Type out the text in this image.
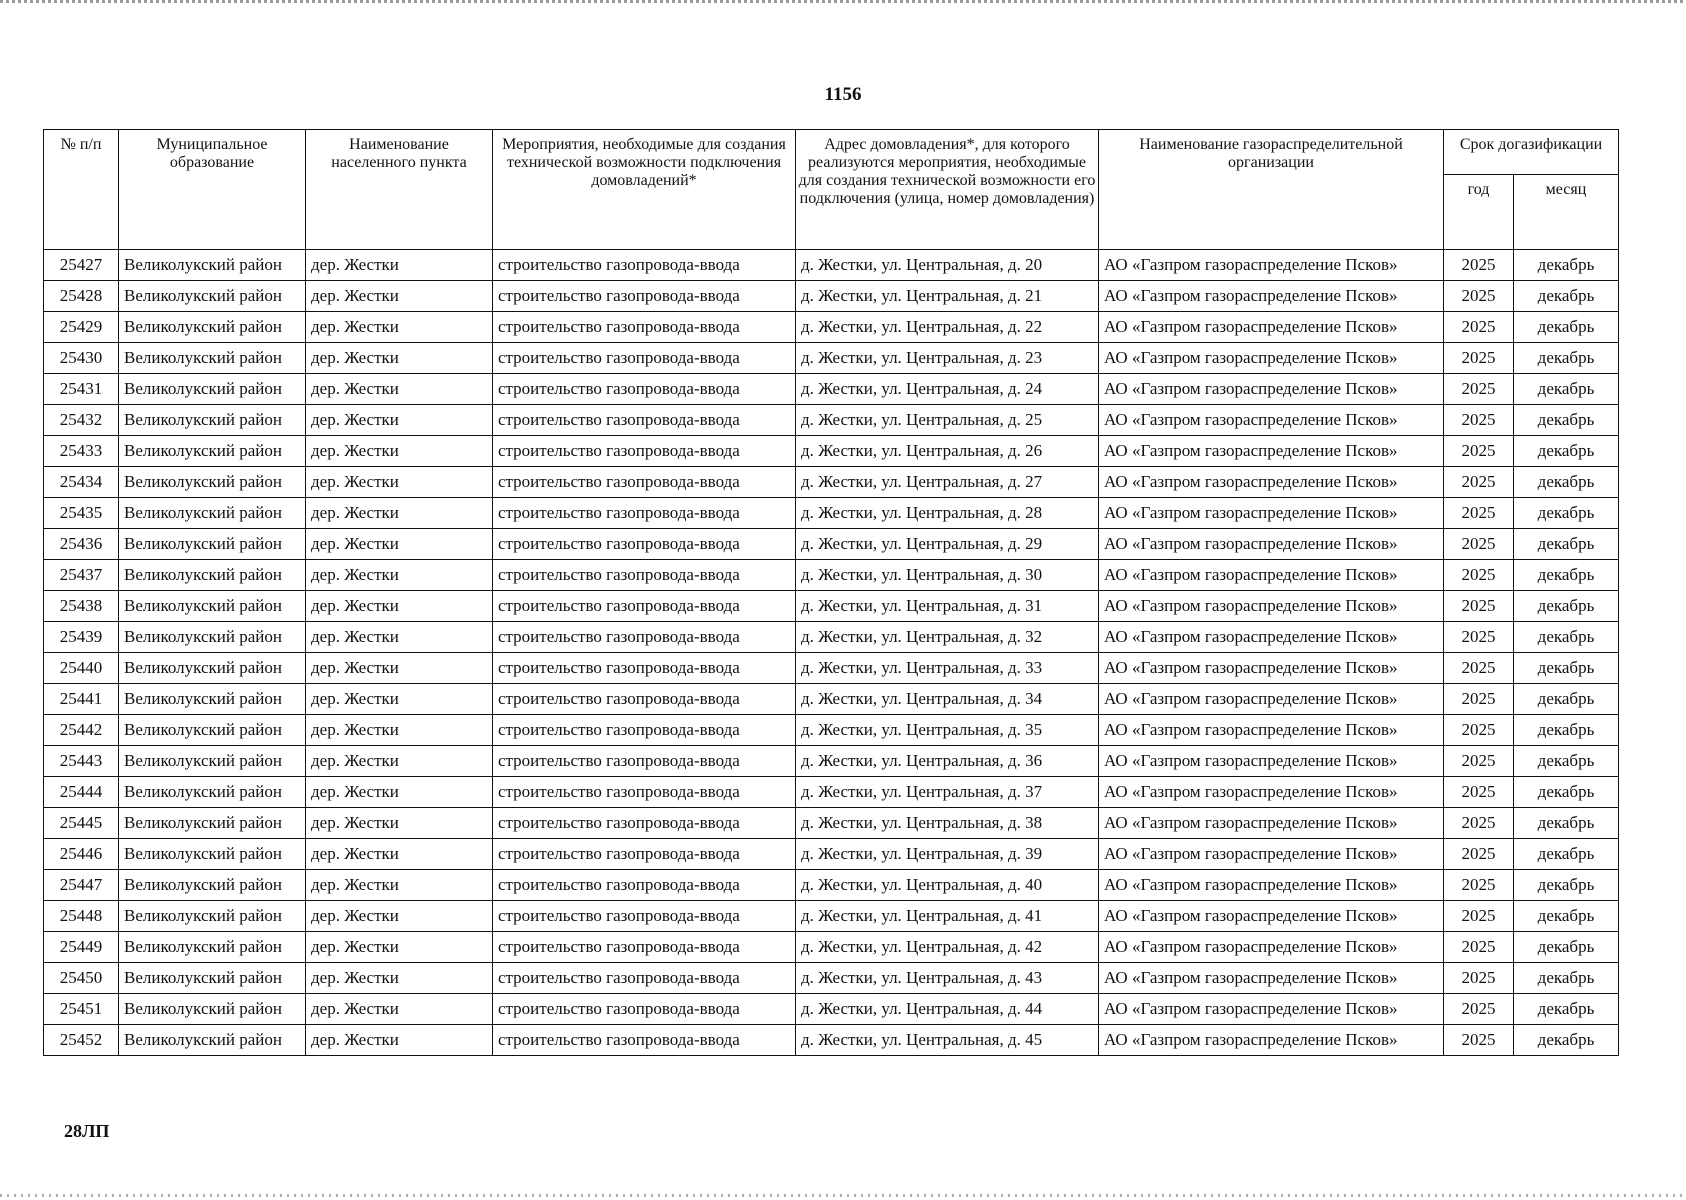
1156
№ п/п	Муниципальное образование	Наименование населенного пункта	Мероприятия, необходимые для создания технической возможности подключения домовладений*	Адрес домовладения*, для которого реализуются мероприятия, необходимые для создания технической возможности его подключения (улица, номер домовладения)	Наименование газораспределительной организации	Срок догазификации	
						год	месяц
25427	Великолукский район	дер. Жестки	строительство газопровода-ввода	д. Жестки, ул. Центральная, д. 20	АО «Газпром газораспределение Псков»	2025	декабрь
25428	Великолукский район	дер. Жестки	строительство газопровода-ввода	д. Жестки, ул. Центральная, д. 21	АО «Газпром газораспределение Псков»	2025	декабрь
25429	Великолукский район	дер. Жестки	строительство газопровода-ввода	д. Жестки, ул. Центральная, д. 22	АО «Газпром газораспределение Псков»	2025	декабрь
25430	Великолукский район	дер. Жестки	строительство газопровода-ввода	д. Жестки, ул. Центральная, д. 23	АО «Газпром газораспределение Псков»	2025	декабрь
25431	Великолукский район	дер. Жестки	строительство газопровода-ввода	д. Жестки, ул. Центральная, д. 24	АО «Газпром газораспределение Псков»	2025	декабрь
25432	Великолукский район	дер. Жестки	строительство газопровода-ввода	д. Жестки, ул. Центральная, д. 25	АО «Газпром газораспределение Псков»	2025	декабрь
25433	Великолукский район	дер. Жестки	строительство газопровода-ввода	д. Жестки, ул. Центральная, д. 26	АО «Газпром газораспределение Псков»	2025	декабрь
25434	Великолукский район	дер. Жестки	строительство газопровода-ввода	д. Жестки, ул. Центральная, д. 27	АО «Газпром газораспределение Псков»	2025	декабрь
25435	Великолукский район	дер. Жестки	строительство газопровода-ввода	д. Жестки, ул. Центральная, д. 28	АО «Газпром газораспределение Псков»	2025	декабрь
25436	Великолукский район	дер. Жестки	строительство газопровода-ввода	д. Жестки, ул. Центральная, д. 29	АО «Газпром газораспределение Псков»	2025	декабрь
25437	Великолукский район	дер. Жестки	строительство газопровода-ввода	д. Жестки, ул. Центральная, д. 30	АО «Газпром газораспределение Псков»	2025	декабрь
25438	Великолукский район	дер. Жестки	строительство газопровода-ввода	д. Жестки, ул. Центральная, д. 31	АО «Газпром газораспределение Псков»	2025	декабрь
25439	Великолукский район	дер. Жестки	строительство газопровода-ввода	д. Жестки, ул. Центральная, д. 32	АО «Газпром газораспределение Псков»	2025	декабрь
25440	Великолукский район	дер. Жестки	строительство газопровода-ввода	д. Жестки, ул. Центральная, д. 33	АО «Газпром газораспределение Псков»	2025	декабрь
25441	Великолукский район	дер. Жестки	строительство газопровода-ввода	д. Жестки, ул. Центральная, д. 34	АО «Газпром газораспределение Псков»	2025	декабрь
25442	Великолукский район	дер. Жестки	строительство газопровода-ввода	д. Жестки, ул. Центральная, д. 35	АО «Газпром газораспределение Псков»	2025	декабрь
25443	Великолукский район	дер. Жестки	строительство газопровода-ввода	д. Жестки, ул. Центральная, д. 36	АО «Газпром газораспределение Псков»	2025	декабрь
25444	Великолукский район	дер. Жестки	строительство газопровода-ввода	д. Жестки, ул. Центральная, д. 37	АО «Газпром газораспределение Псков»	2025	декабрь
25445	Великолукский район	дер. Жестки	строительство газопровода-ввода	д. Жестки, ул. Центральная, д. 38	АО «Газпром газораспределение Псков»	2025	декабрь
25446	Великолукский район	дер. Жестки	строительство газопровода-ввода	д. Жестки, ул. Центральная, д. 39	АО «Газпром газораспределение Псков»	2025	декабрь
25447	Великолукский район	дер. Жестки	строительство газопровода-ввода	д. Жестки, ул. Центральная, д. 40	АО «Газпром газораспределение Псков»	2025	декабрь
25448	Великолукский район	дер. Жестки	строительство газопровода-ввода	д. Жестки, ул. Центральная, д. 41	АО «Газпром газораспределение Псков»	2025	декабрь
25449	Великолукский район	дер. Жестки	строительство газопровода-ввода	д. Жестки, ул. Центральная, д. 42	АО «Газпром газораспределение Псков»	2025	декабрь
25450	Великолукский район	дер. Жестки	строительство газопровода-ввода	д. Жестки, ул. Центральная, д. 43	АО «Газпром газораспределение Псков»	2025	декабрь
25451	Великолукский район	дер. Жестки	строительство газопровода-ввода	д. Жестки, ул. Центральная, д. 44	АО «Газпром газораспределение Псков»	2025	декабрь
25452	Великолукский район	дер. Жестки	строительство газопровода-ввода	д. Жестки, ул. Центральная, д. 45	АО «Газпром газораспределение Псков»	2025	декабрь
28ЛП
